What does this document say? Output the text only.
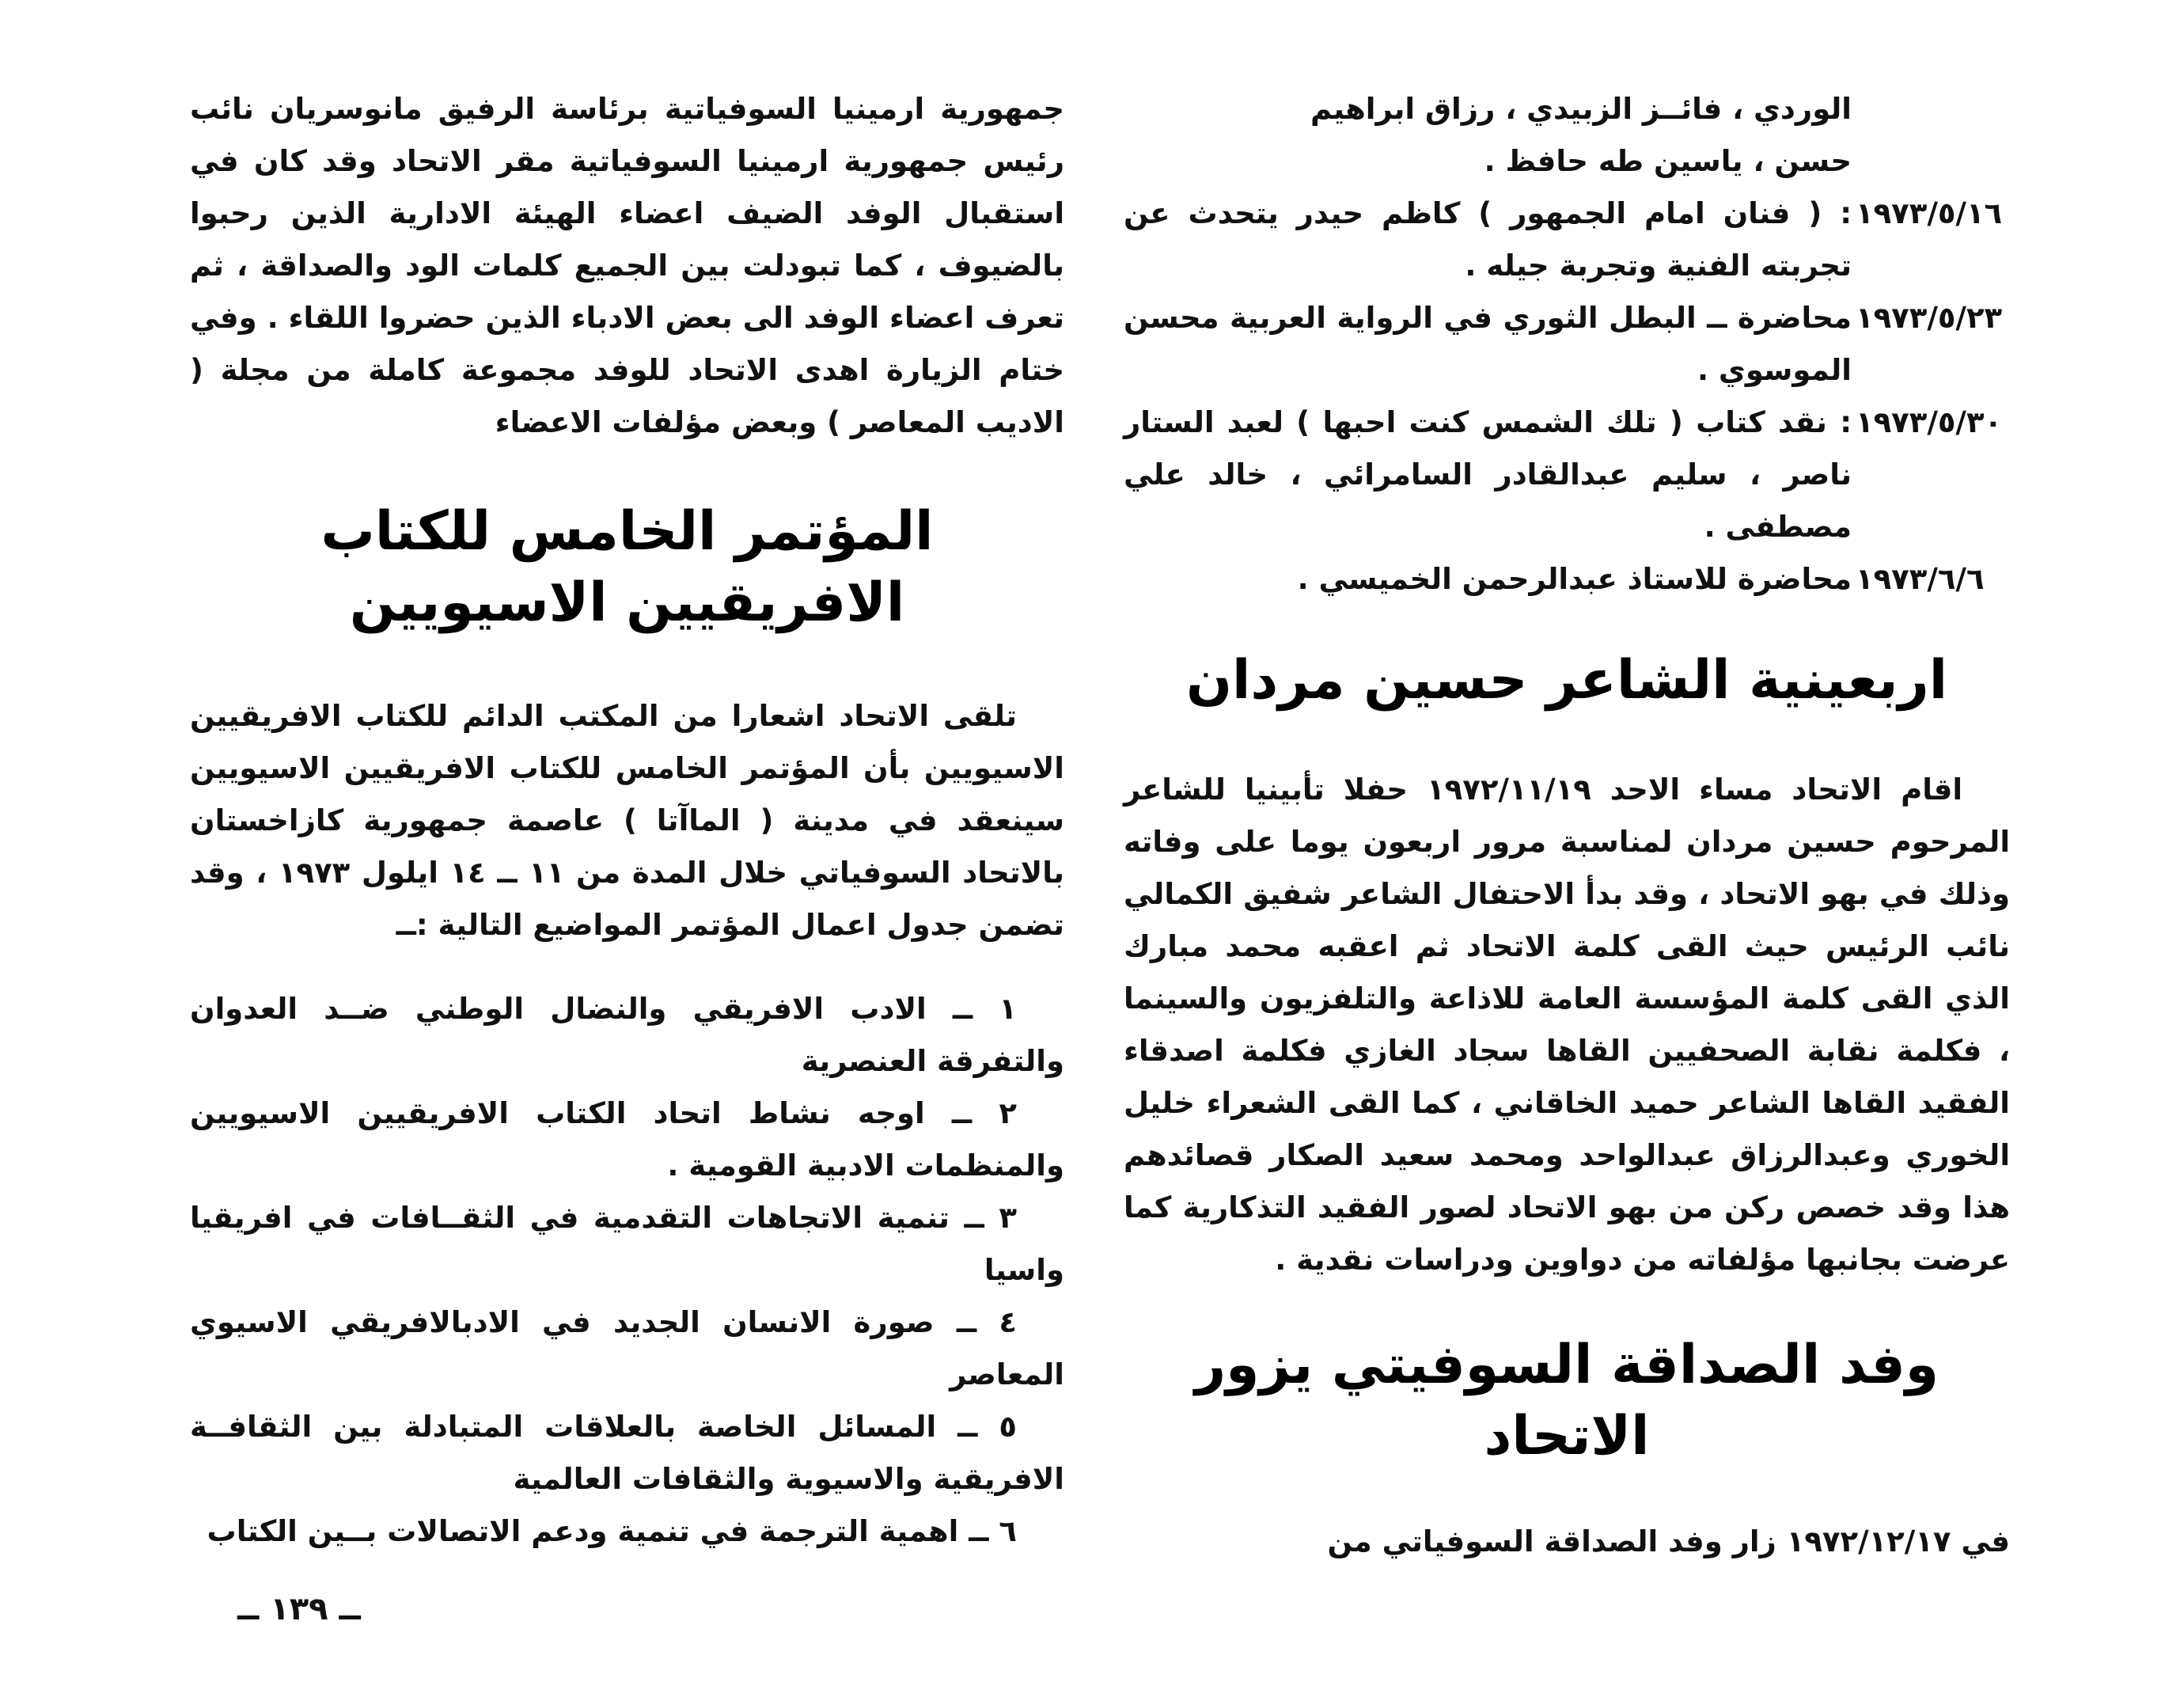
الوردي ، فائــز الزبيدي ، رزاق ابراهيم

حسن ، ياسين طه حافظ .

١٩٧٣/٥/١٦
: ( فنان امام الجمهور ) كاظم حيدر يتحدث عن تجربته الفنية وتجربة جيله .
١٩٧٣/٥/٢٣
محاضرة ــ البطل الثوري في الرواية العربية محسن الموسوي .
١٩٧٣/٥/٣٠
: نقد كتاب ( تلك الشمس كنت احبها ) لعبد الستار ناصر ، سليم عبدالقادر السامرائي ، خالد علي مصطفى .
١٩٧٣/٦/٦
محاضرة للاستاذ عبدالرحمن الخميسي .
اربعينية الشاعر حسين مردان

اقام الاتحاد مساء الاحد ١٩٧٢/١١/١٩ حفلا تأبينيا للشاعر المرحوم حسين مردان لمناسبة مرور اربعون يوما على وفاته وذلك في بهو الاتحاد ، وقد بدأ الاحتفال الشاعر شفيق الكمالي نائب الرئيس حيث القى كلمة الاتحاد ثم اعقبه محمد مبارك الذي القى كلمة المؤسسة العامة للاذاعة والتلفزيون والسينما ، فكلمة نقابة الصحفيين القاها سجاد الغازي فكلمة اصدقاء الفقيد القاها الشاعر حميد الخاقاني ، كما القى الشعراء خليل الخوري وعبدالرزاق عبدالواحد ومحمد سعيد الصكار قصائدهم هذا وقد خصص ركن من بهو الاتحاد لصور الفقيد التذكارية كما عرضت بجانبها مؤلفاته من دواوين ودراسات نقدية .

وفد الصداقة السوفيتي يزور الاتحاد

في ١٩٧٢/١٢/١٧ زار وفد الصداقة السوفياتي من

جمهورية ارمينيا السوفياتية برئاسة الرفيق مانوسريان نائب رئيس جمهورية ارمينيا السوفياتية مقر الاتحاد وقد كان في استقبال الوفد الضيف اعضاء الهيئة الادارية الذين رحبوا بالضيوف ، كما تبودلت بين الجميع كلمات الود والصداقة ، ثم تعرف اعضاء الوفد الى بعض الادباء الذين حضروا اللقاء . وفي ختام الزيارة اهدى الاتحاد للوفد مجموعة كاملة من مجلة ( الاديب المعاصر ) وبعض مؤلفات الاعضاء

المؤتمر الخامس للكتاب الافريقيين الاسيويين

تلقى الاتحاد اشعارا من المكتب الدائم للكتاب الافريقيين الاسيويين بأن المؤتمر الخامس للكتاب الافريقيين الاسيويين سينعقد في مدينة ( الماآتا ) عاصمة جمهورية كازاخستان بالاتحاد السوفياتي خلال المدة من ١١ ــ ١٤ ايلول ١٩٧٣ ، وقد تضمن جدول اعمال المؤتمر المواضيع التالية :ــ

١ ــ الادب الافريقي والنضال الوطني ضــد العدوان والتفرقة العنصرية

٢ ــ اوجه نشاط اتحاد الكتاب الافريقيين الاسيويين والمنظمات الادبية القومية .

٣ ــ تنمية الاتجاهات التقدمية في الثقــافات في افريقيا واسيا

٤ ــ صورة الانسان الجديد في الادبالافريقي الاسيوي المعاصر

٥ ــ المسائل الخاصة بالعلاقات المتبادلة بين الثقافــة الافريقية والاسيوية والثقافات العالمية

٦ ــ اهمية الترجمة في تنمية ودعم الاتصالات بــين الكتاب

ــ ١٣٩ ــ
